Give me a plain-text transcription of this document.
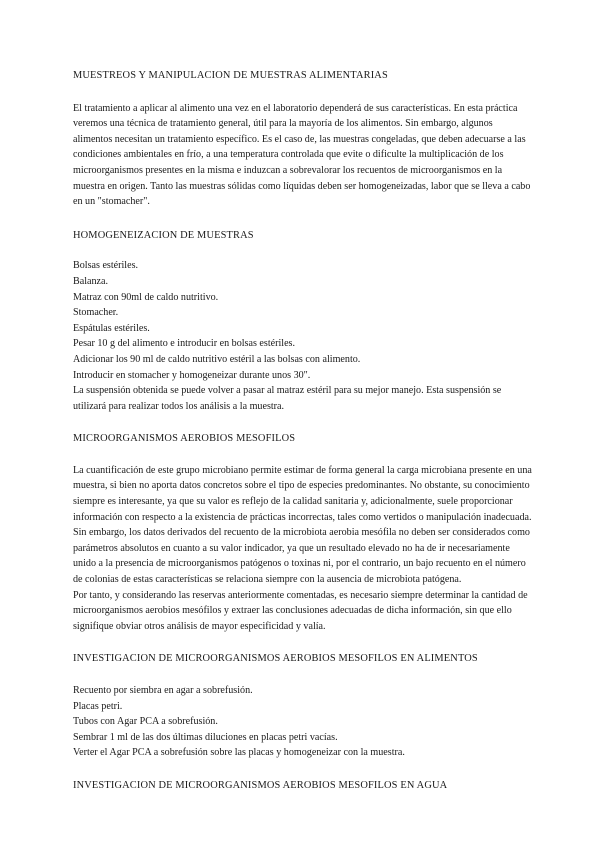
MUESTREOS Y MANIPULACION DE MUESTRAS ALIMENTARIAS

El tratamiento a aplicar al alimento una vez en el laboratorio dependerá de sus características. En esta práctica veremos una técnica de tratamiento general, útil para la mayoría de los alimentos. Sin embargo, algunos alimentos necesitan un tratamiento específico. Es el caso de, las muestras congeladas, que deben adecuarse a las condiciones ambientales en frío, a una temperatura controlada que evite o dificulte la multiplicación de los microorganismos presentes en la misma e induzcan a sobrevalorar los recuentos de microorganismos en la muestra en origen. Tanto las muestras sólidas como líquidas deben ser homogeneizadas, labor que se lleva a cabo en un "stomacher".

HOMOGENEIZACION DE MUESTRAS

Bolsas estériles.

Balanza.

Matraz con 90ml de caldo nutritivo.

Stomacher.

Espátulas estériles.

Pesar 10 g del alimento e introducir en bolsas estériles.

Adicionar los 90 ml de caldo nutritivo estéril a las bolsas con alimento.

Introducir en stomacher y homogeneizar durante unos 30".

La suspensión obtenida se puede volver a pasar al matraz estéril para su mejor manejo. Esta suspensión se utilizará para realizar todos los análisis a la muestra.

MICROORGANISMOS AEROBIOS MESOFILOS

La cuantificación de este grupo microbiano permite estimar de forma general la carga microbiana presente en una muestra, si bien no aporta datos concretos sobre el tipo de especies predominantes. No obstante, su conocimiento siempre es interesante, ya que su valor es reflejo de la calidad sanitaria y, adicionalmente, suele proporcionar información con respecto a la existencia de prácticas incorrectas, tales como vertidos o manipulación inadecuada. Sin embargo, los datos derivados del recuento de la microbiota aerobia mesófila no deben ser considerados como parámetros absolutos en cuanto a su valor indicador, ya que un resultado elevado no ha de ir necesariamente unido a la presencia de microorganismos patógenos o toxinas ni, por el contrario, un bajo recuento en el número de colonias de estas características se relaciona siempre con la ausencia de microbiota patógena.

Por tanto, y considerando las reservas anteriormente comentadas, es necesario siempre determinar la cantidad de microorganismos aerobios mesófilos y extraer las conclusiones adecuadas de dicha información, sin que ello signifique obviar otros análisis de mayor especificidad y valía.

INVESTIGACION DE MICROORGANISMOS AEROBIOS MESOFILOS EN ALIMENTOS

Recuento por siembra en agar a sobrefusión.

Placas petri.

Tubos con Agar PCA a sobrefusión.

Sembrar 1 ml de las dos últimas diluciones en placas petri vacías.

Verter el Agar PCA a sobrefusión sobre las placas y homogeneizar con la muestra.

INVESTIGACION DE MICROORGANISMOS AEROBIOS MESOFILOS EN AGUA
